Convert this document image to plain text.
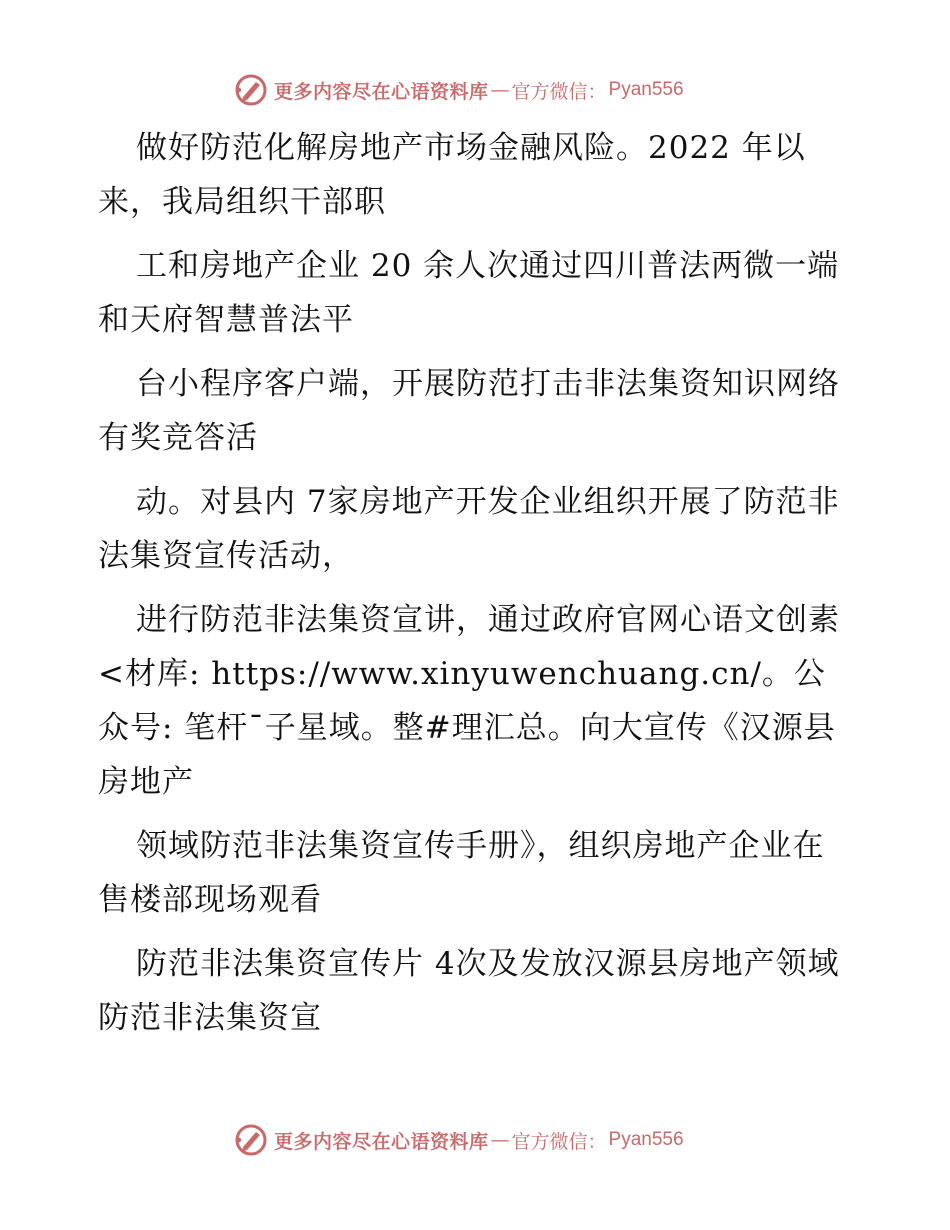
更多内容尽在心语资料库 — 官方微信： Pyan556

做好防范化解房地产市场金融风险。2022 年以来，我局组织干部职

工和房地产企业 20 余人次通过四川普法两微一端和天府智慧普法平

台小程序客户端，开展防范打击非法集资知识网络有奖竞答活

动。对县内 7家房地产开发企业组织开展了防范非法集资宣传活动，

进行防范非法集资宣讲，通过政府官网心语文创素<材库: https://www.xinyuwenchuang.cn/。公众号: 笔杆¯子星域。整#理汇总。向大宣传《汉源县房地产

领域防范非法集资宣传手册》，组织房地产企业在售楼部现场观看

防范非法集资宣传片 4次及发放汉源县房地产领域防范非法集资宣

更多内容尽在心语资料库 — 官方微信： Pyan556
